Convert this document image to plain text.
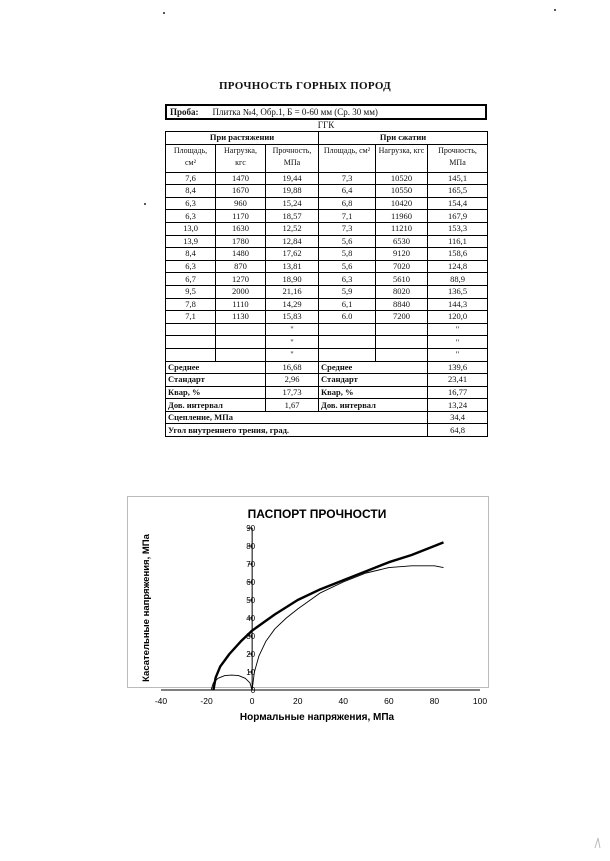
ПРОЧНОСТЬ ГОРНЫХ ПОРОД
Проба: Плитка №4, Обр.1, Б = 0-60 мм (Ср. 30 мм)
ГГК
При растяжении			При сжатии		
Площадь, см²	Нагрузка, кгс	Прочность, МПа	Площадь, см²	Нагрузка, кгс	Прочность, МПа
7,6	1470	19,44	7,3	10520	145,1
8,4	1670	19,88	6,4	10550	165,5
6,3	960	15,24	6,8	10420	154,4
6,3	1170	18,57	7,1	11960	167,9
13,0	1630	12,52	7,3	11210	153,3
13,9	1780	12,84	5,6	6530	116,1
8,4	1480	17,62	5,8	9120	158,6
6,3	870	13,81	5,6	7020	124,8
6,7	1270	18,90	6,3	5610	88,9
9,5	2000	21,16	5,9	8020	136,5
7,8	1110	14,29	6,1	8840	144,3
7,1	1130	15,83	6.0	7200	120,0
		"			"
		"			"
		"			"
Среднее		16,68	Среднее		139,6
Стандарт		2,96	Стандарт		23,41
Квар, %		17,73	Квар, %		16,77
Дов. интервал		1,67	Дов. интервал		13,24
Сцепление, МПа					34,4
Угол внутреннего трения, град.					64,8
ПАСПОРТ ПРОЧНОСТИ
-40	-20	0	20	40	60	80	100
0
10
20
30
40
50
60
70
80
90
Нормальные напряжения, МПа
Касательные напряжения, МПа
